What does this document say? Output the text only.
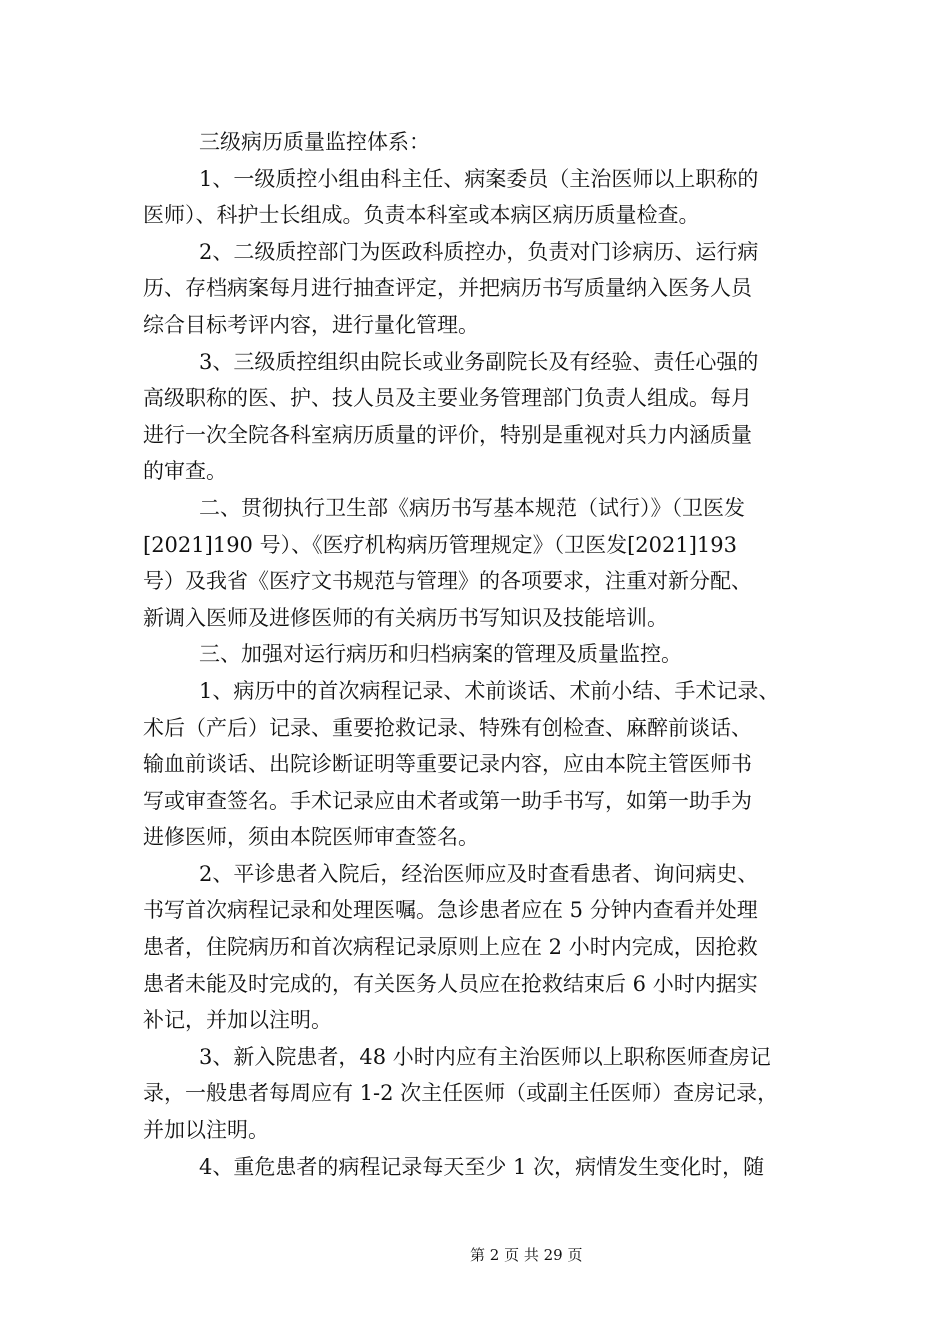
三级病历质量监控体系：
1、一级质控小组由科主任、病案委员（主治医师以上职称的
医师）、科护士长组成。负责本科室或本病区病历质量检查。
2、二级质控部门为医政科质控办，负责对门诊病历、运行病
历、存档病案每月进行抽查评定，并把病历书写质量纳入医务人员
综合目标考评内容，进行量化管理。
3、三级质控组织由院长或业务副院长及有经验、责任心强的
高级职称的医、护、技人员及主要业务管理部门负责人组成。每月
进行一次全院各科室病历质量的评价，特别是重视对兵力内涵质量
的审查。
二、贯彻执行卫生部《病历书写基本规范（试行）》（卫医发
[2021]190 号）、《医疗机构病历管理规定》（卫医发[2021]193
号）及我省《医疗文书规范与管理》的各项要求，注重对新分配、
新调入医师及进修医师的有关病历书写知识及技能培训。
三、加强对运行病历和归档病案的管理及质量监控。
1、病历中的首次病程记录、术前谈话、术前小结、手术记录、
术后（产后）记录、重要抢救记录、特殊有创检查、麻醉前谈话、
输血前谈话、出院诊断证明等重要记录内容，应由本院主管医师书
写或审查签名。手术记录应由术者或第一助手书写，如第一助手为
进修医师，须由本院医师审查签名。
2、平诊患者入院后，经治医师应及时查看患者、询问病史、
书写首次病程记录和处理医嘱。急诊患者应在 5 分钟内查看并处理
患者，住院病历和首次病程记录原则上应在 2 小时内完成，因抢救
患者未能及时完成的，有关医务人员应在抢救结束后 6 小时内据实
补记，并加以注明。
3、新入院患者，48 小时内应有主治医师以上职称医师查房记
录，一般患者每周应有 1-2 次主任医师（或副主任医师）查房记录，
并加以注明。
4、重危患者的病程记录每天至少 1 次，病情发生变化时，随
第 2 页 共 29 页
